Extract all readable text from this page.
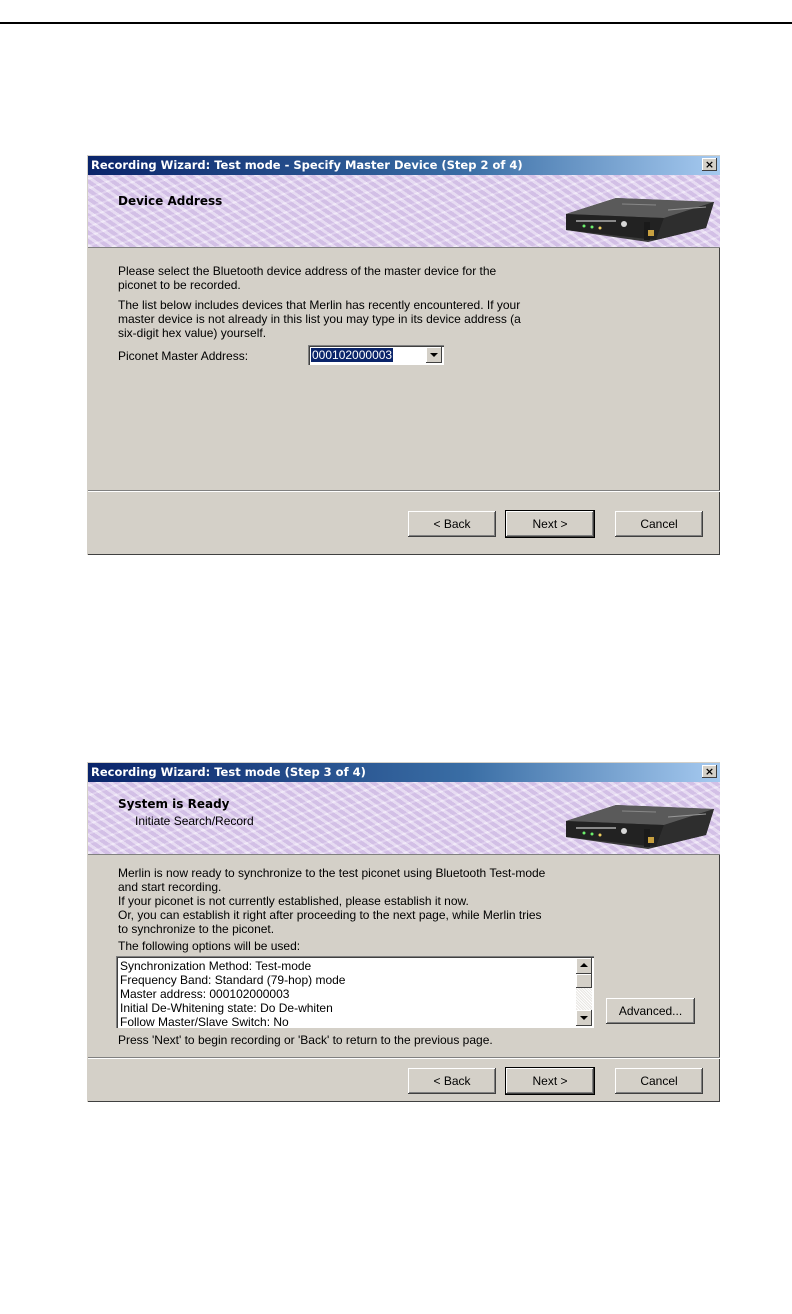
Recording Wizard: Test mode - Specify Master Device (Step 2 of 4)	×
Device Address
Please select the Bluetooth device address of the master device for the
piconet to be recorded.
The list below includes devices that Merlin has recently encountered. If your
master device is not already in this list you may type in its device address (a
six-digit hex value) yourself.
Piconet Master Address:	000102000003
< Back	Next >	Cancel
Recording Wizard: Test mode (Step 3 of 4)	×
System is Ready
Initiate Search/Record
Merlin is now ready to synchronize to the test piconet using Bluetooth Test-mode
and start recording.
If your piconet is not currently established, please establish it now.
Or, you can establish it right after proceeding to the next page, while Merlin tries
to synchronize to the piconet.
The following options will be used:
Synchronization Method: Test-mode
Frequency Band: Standard (79-hop) mode
Master address: 000102000003
Initial De-Whitening state: Do De-whiten
Follow Master/Slave Switch: No
Advanced...
Press 'Next' to begin recording or 'Back' to return to the previous page.
< Back	Next >	Cancel
